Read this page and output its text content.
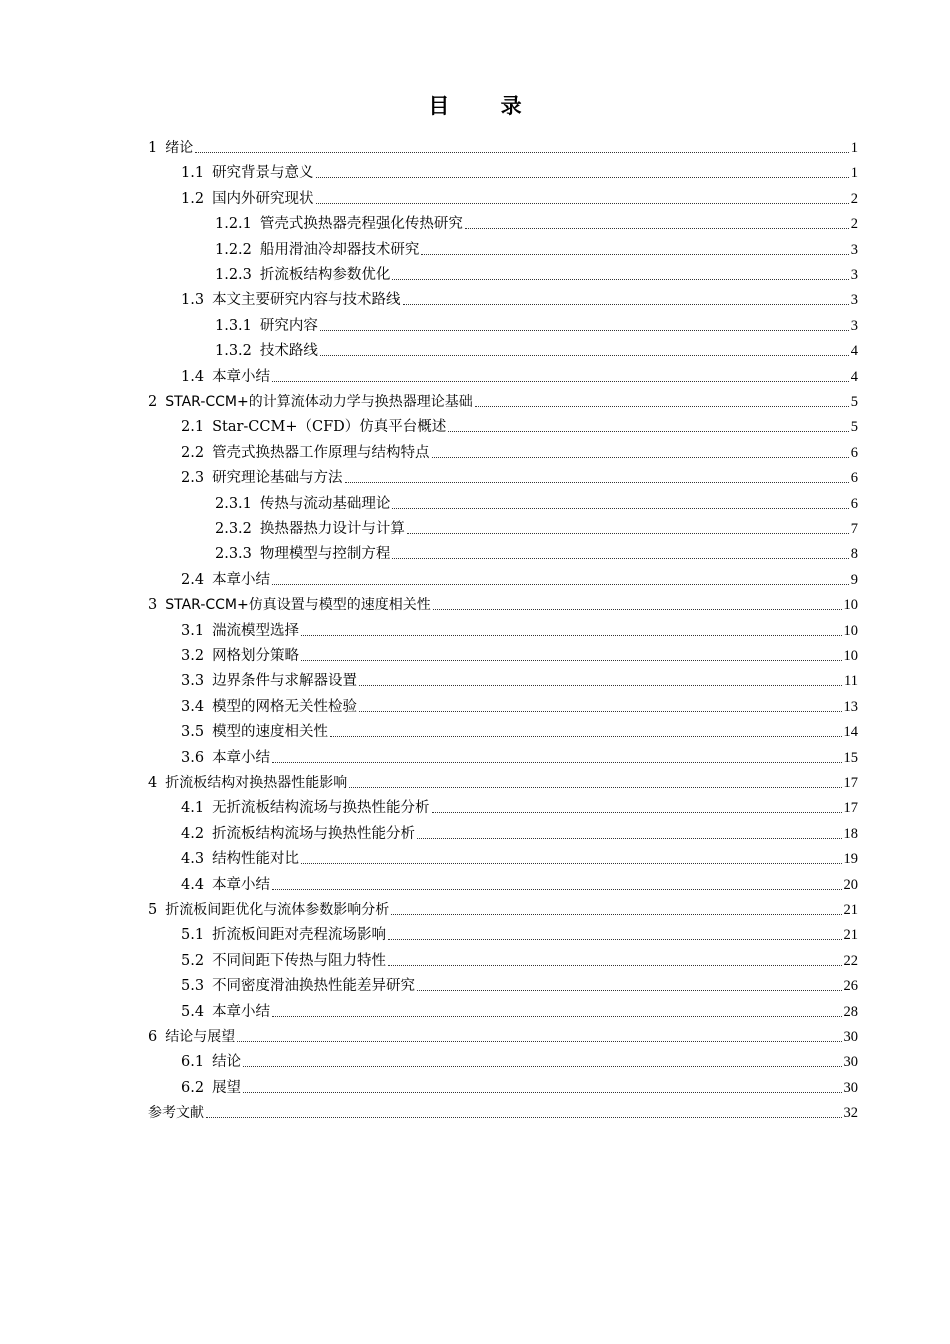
目 录
1 绪论	1
1.1 研究背景与意义	1
1.2 国内外研究现状	2
1.2.1 管壳式换热器壳程强化传热研究	2
1.2.2 船用滑油冷却器技术研究	3
1.2.3 折流板结构参数优化	3
1.3 本文主要研究内容与技术路线	3
1.3.1 研究内容	3
1.3.2 技术路线	4
1.4 本章小结	4
2 STAR-CCM+的计算流体动力学与换热器理论基础	5
2.1 Star-CCM+（CFD）仿真平台概述	5
2.2 管壳式换热器工作原理与结构特点	6
2.3 研究理论基础与方法	6
2.3.1 传热与流动基础理论	6
2.3.2 换热器热力设计与计算	7
2.3.3 物理模型与控制方程	8
2.4 本章小结	9
3 STAR-CCM+仿真设置与模型的速度相关性	10
3.1 湍流模型选择	10
3.2 网格划分策略	10
3.3 边界条件与求解器设置	11
3.4 模型的网格无关性检验	13
3.5 模型的速度相关性	14
3.6 本章小结	15
4 折流板结构对换热器性能影响	17
4.1 无折流板结构流场与换热性能分析	17
4.2 折流板结构流场与换热性能分析	18
4.3 结构性能对比	19
4.4 本章小结	20
5 折流板间距优化与流体参数影响分析	21
5.1 折流板间距对壳程流场影响	21
5.2 不同间距下传热与阻力特性	22
5.3 不同密度滑油换热性能差异研究	26
5.4 本章小结	28
6 结论与展望	30
6.1 结论	30
6.2 展望	30
参考文献	32
